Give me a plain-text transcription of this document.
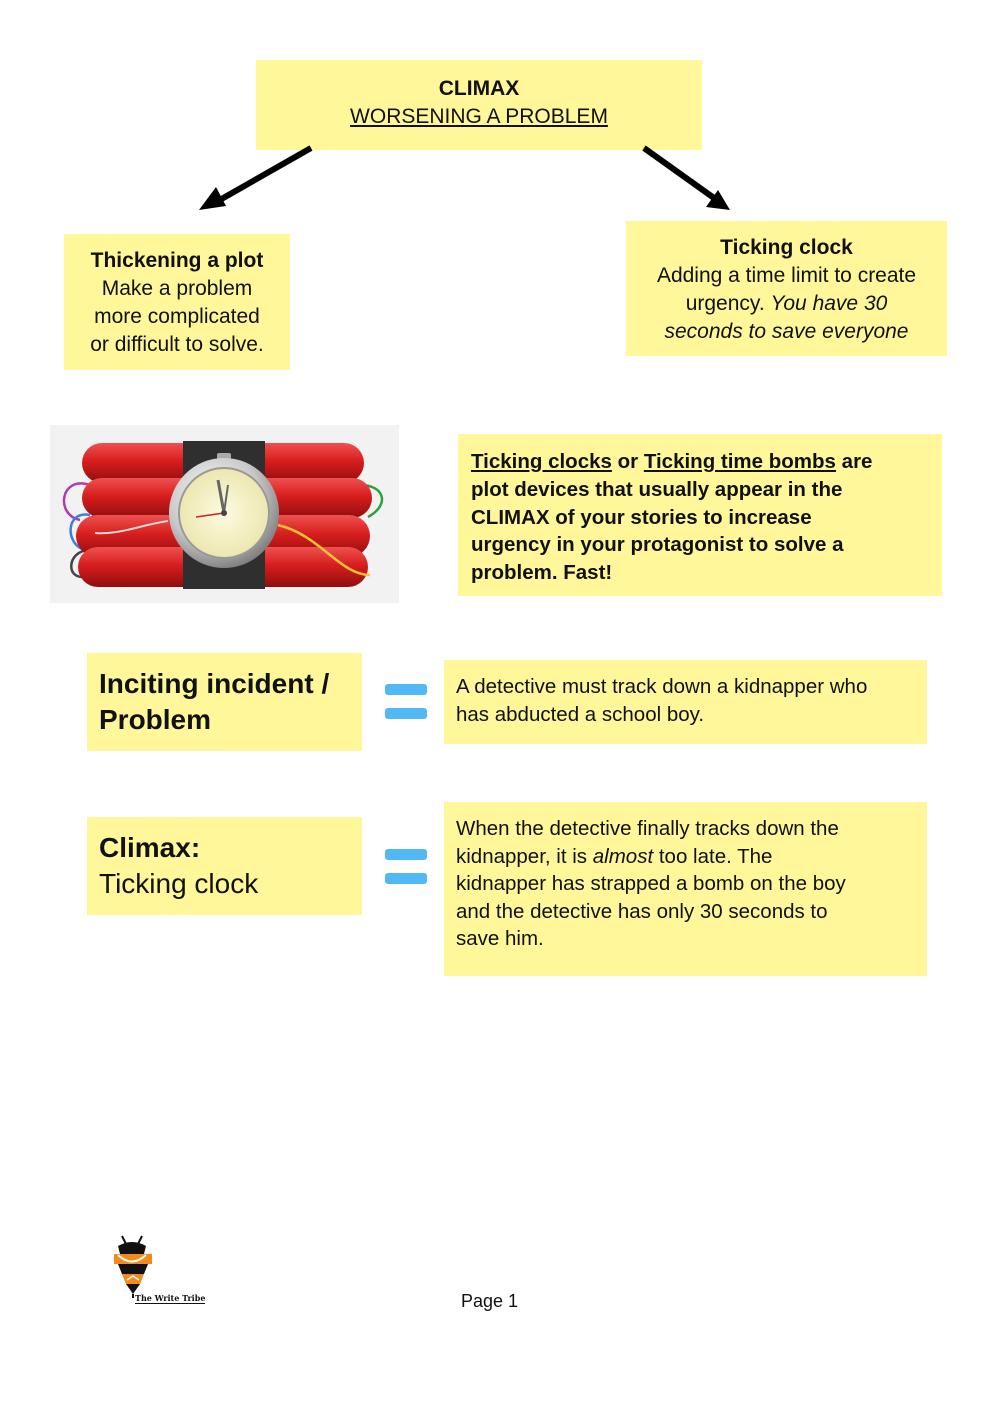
CLIMAX
WORSENING A PROBLEM
Thickening a plot
Make a problem
more complicated
or difficult to solve.
Ticking clock
Adding a time limit to create
urgency. You have 30
seconds to save everyone
Ticking clocks or Ticking time bombs are
plot devices that usually appear in the
CLIMAX of your stories to increase
urgency in your protagonist to solve a
problem. Fast!
Inciting incident /
Problem
A detective must track down a kidnapper who
has abducted a school boy.
Climax:
Ticking clock
When the detective finally tracks down the
kidnapper, it is almost too late. The
kidnapper has strapped a bomb on the boy
and the detective has only 30 seconds to
save him.
The Write Tribe	Page 1
